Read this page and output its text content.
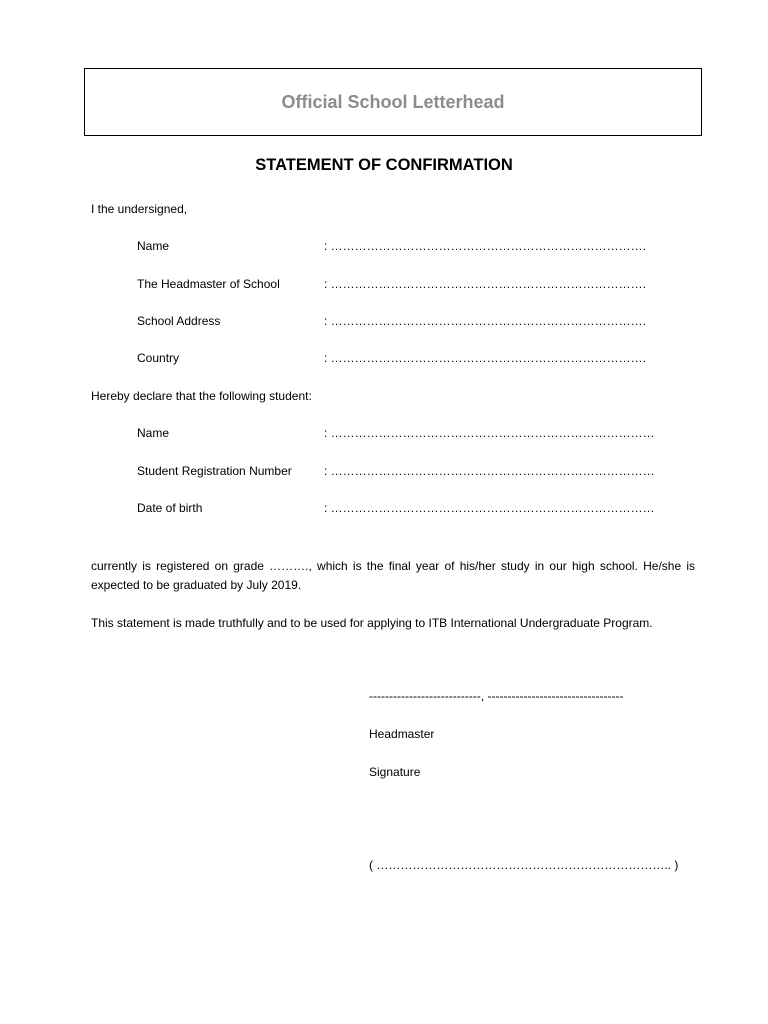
Official School Letterhead
STATEMENT OF CONFIRMATION
I the undersigned,
Name	: …………………………………………………………………….
The Headmaster of School	: …………………………………………………………………….
School Address	: …………………………………………………………………….
Country	: …………………………………………………………………….
Hereby declare that the following student:
Name	: ………………………………………………………………………
Student Registration Number	: ………………………………………………………………………
Date of birth	: ………………………………………………………………………
currently is registered on grade ………., which is the final year of his/her study in our high school. He/she is expected to be graduated by July 2019.
This statement is made truthfully and to be used for applying to ITB International Undergraduate Program.
----------------------------, ----------------------------------
Headmaster
Signature
( ……………………………………………………………….. )
